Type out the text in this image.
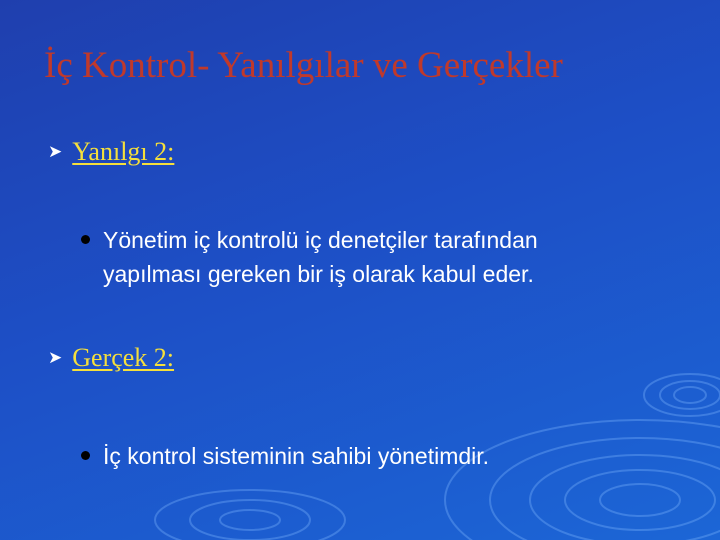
İç Kontrol- Yanılgılar ve Gerçekler
➤ Yanılgı 2:
Yönetim iç kontrolü iç denetçiler tarafından yapılması gereken bir iş olarak kabul eder.
➤ Gerçek 2:
İç kontrol sisteminin sahibi yönetimdir.
